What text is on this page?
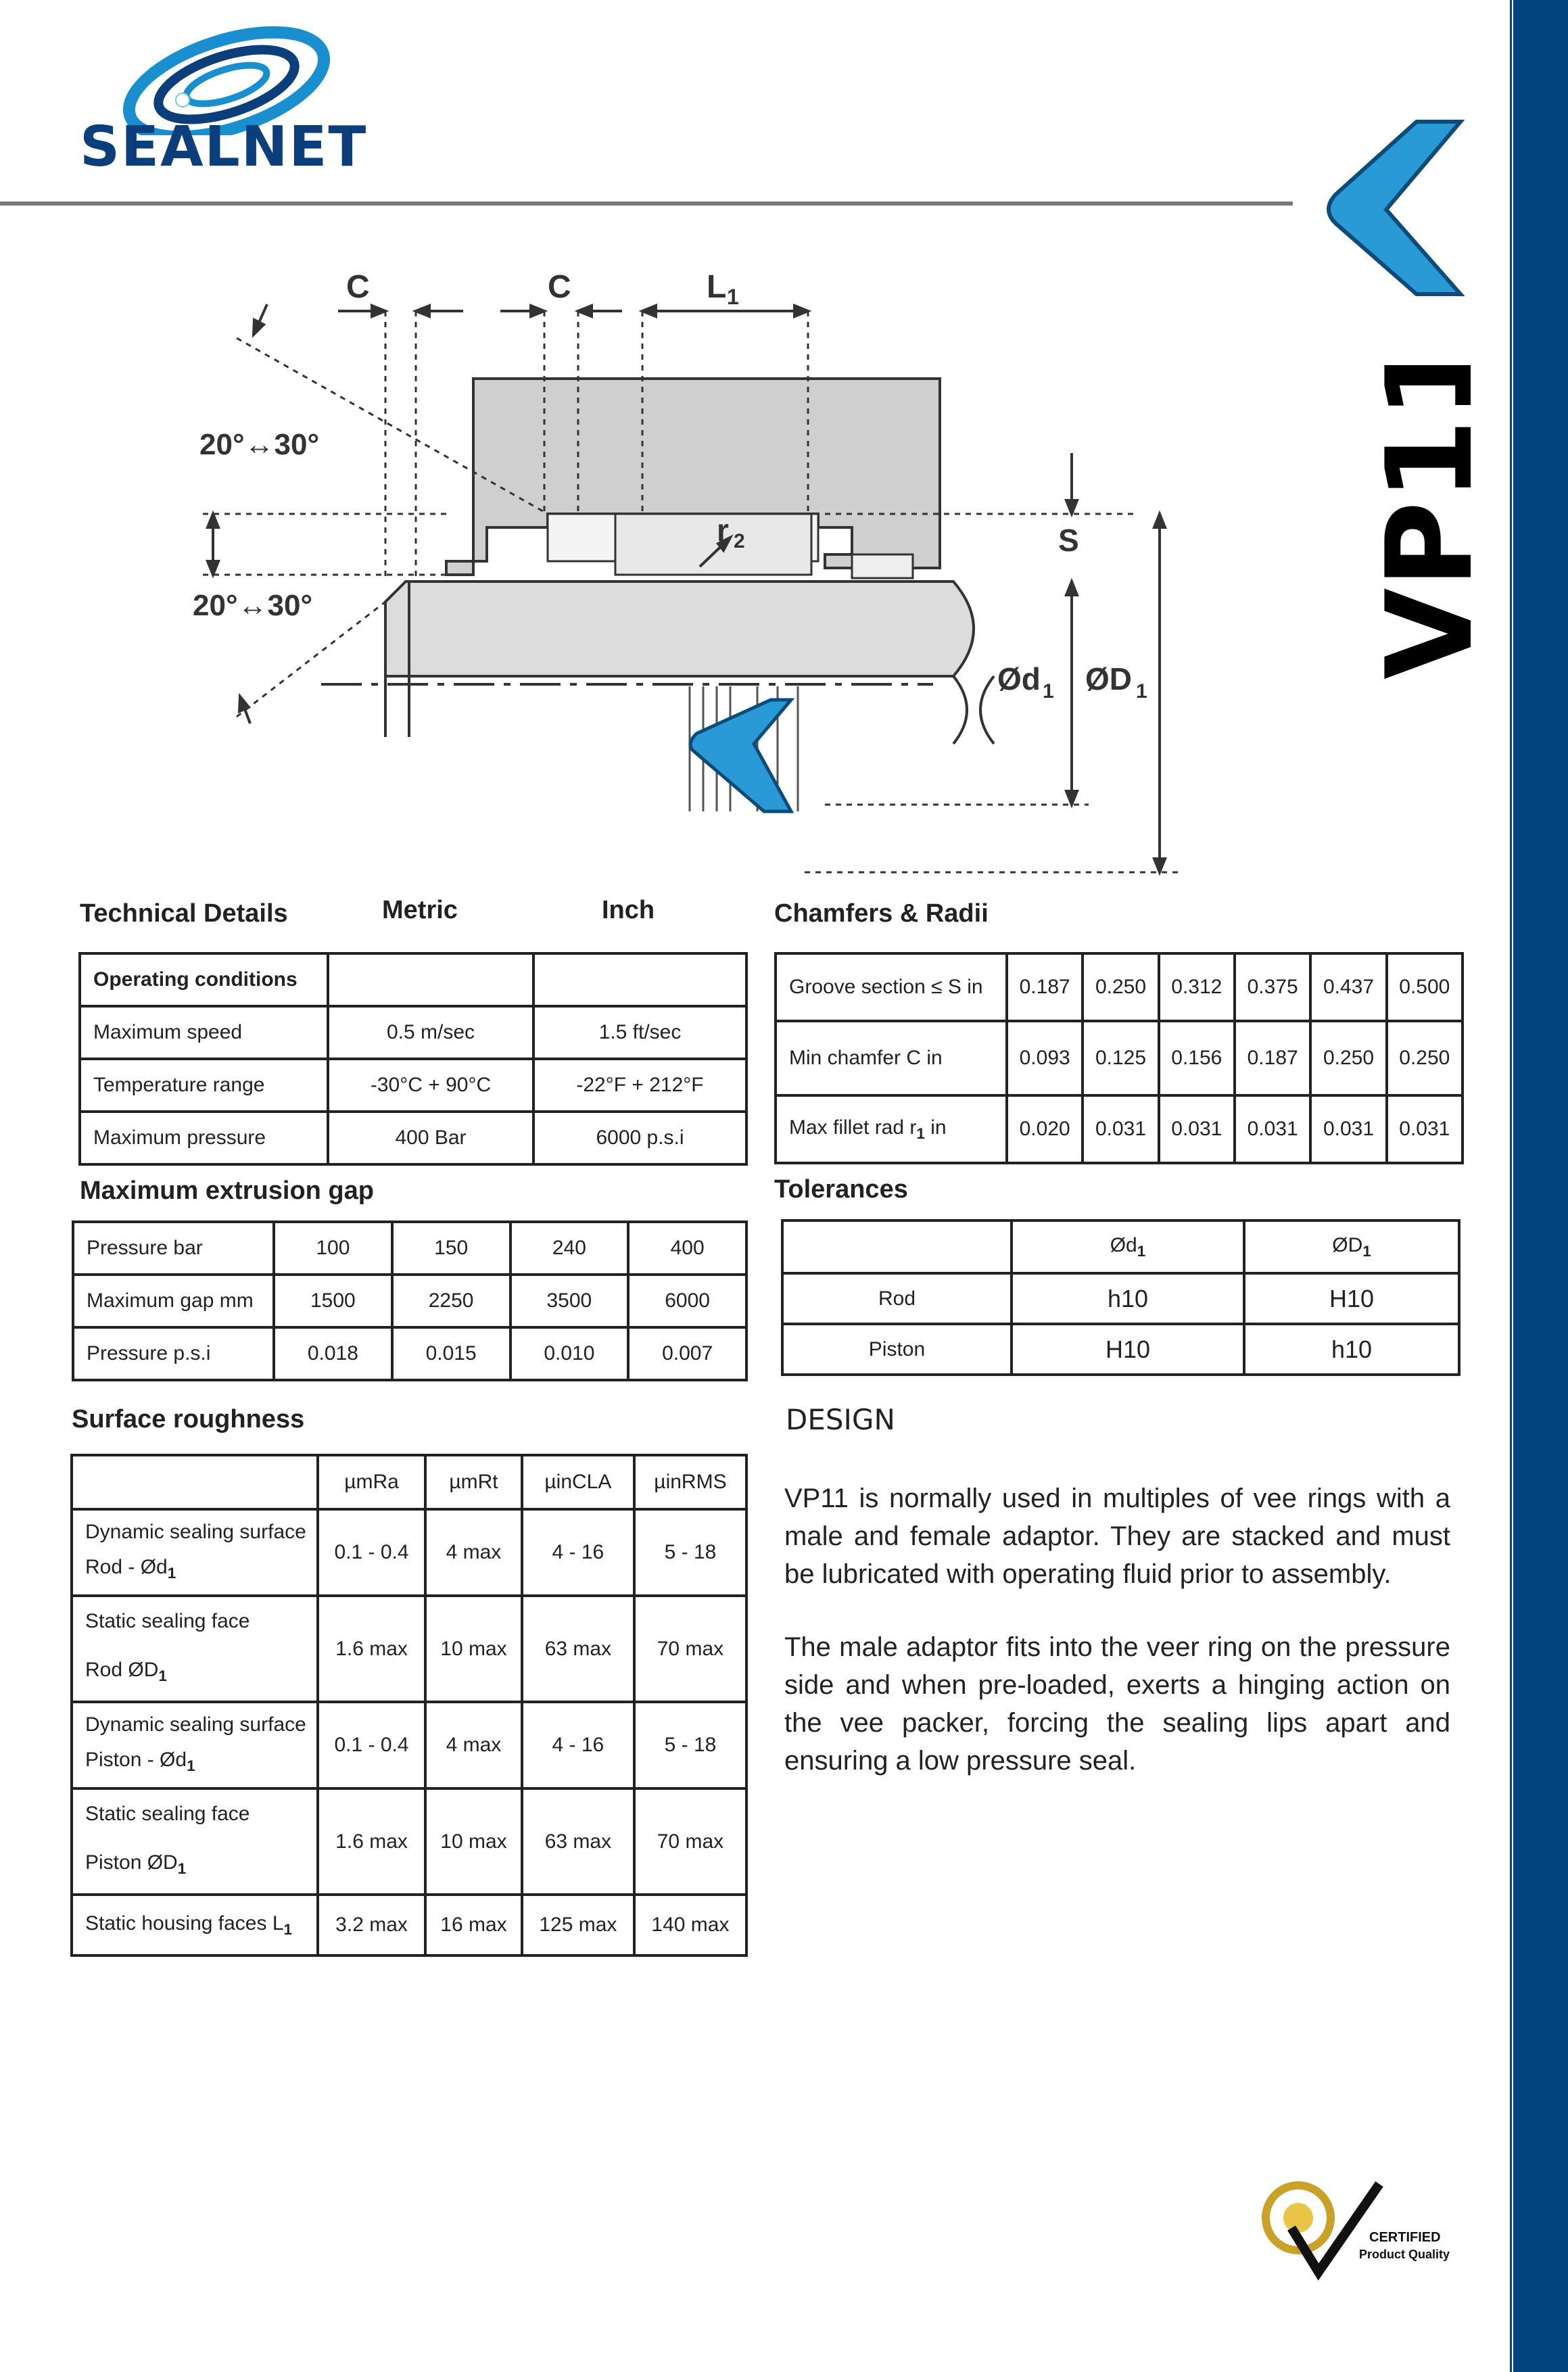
SEALNET
VP11
C	C	L 1
20°↔30°
20°↔30°
r 2	S
Ød 1 ØD 1
Technical Details	Metric	Inch
Operating conditions		
Maximum speed	0.5 m/sec	1.5 ft/sec
Temperature range	-30°C + 90°C	-22°F + 212°F
Maximum pressure	400 Bar	6000 p.s.i
Maximum extrusion gap
Pressure bar	100	150	240	400
Maximum gap mm	1500	2250	3500	6000
Pressure p.s.i	0.018	0.015	0.010	0.007
Surface roughness
	µmRa	µmRt	µinCLA	µinRMS
Dynamic sealing surface
Rod - $Ød_1$	0.1 - 0.4	4 max	4 - 16	5 - 18
Static sealing face
Rod $ØD_1$	1.6 max	10 max	63 max	70 max
Dynamic sealing surface
Piston - $Ød_1$	0.1 - 0.4	4 max	4 - 16	5 - 18
Static sealing face
Piston $ØD_1$	1.6 max	10 max	63 max	70 max
Static housing faces $L_1$	3.2 max	16 max	125 max	140 max
Chamfers & Radii
Groove section ≤ S in	0.187	0.250	0.312	0.375	0.437	0.500
Min chamfer C in	0.093	0.125	0.156	0.187	0.250	0.250
Max fillet rad $r_1$ in	0.020	0.031	0.031	0.031	0.031	0.031
Tolerances
	$Ød_1$	$ØD_1$
Rod	h10	H10
Piston	H10	h10
DESIGN
VP11 is normally used in multiples of vee rings with a male and female adaptor. They are stacked and must be lubricated with operating fluid prior to assembly.
The male adaptor fits into the veer ring on the pressure side and when pre-loaded, exerts a hinging action on the vee packer, forcing the sealing lips apart and ensuring a low pressure seal.
CERTIFIED
Product Quality
